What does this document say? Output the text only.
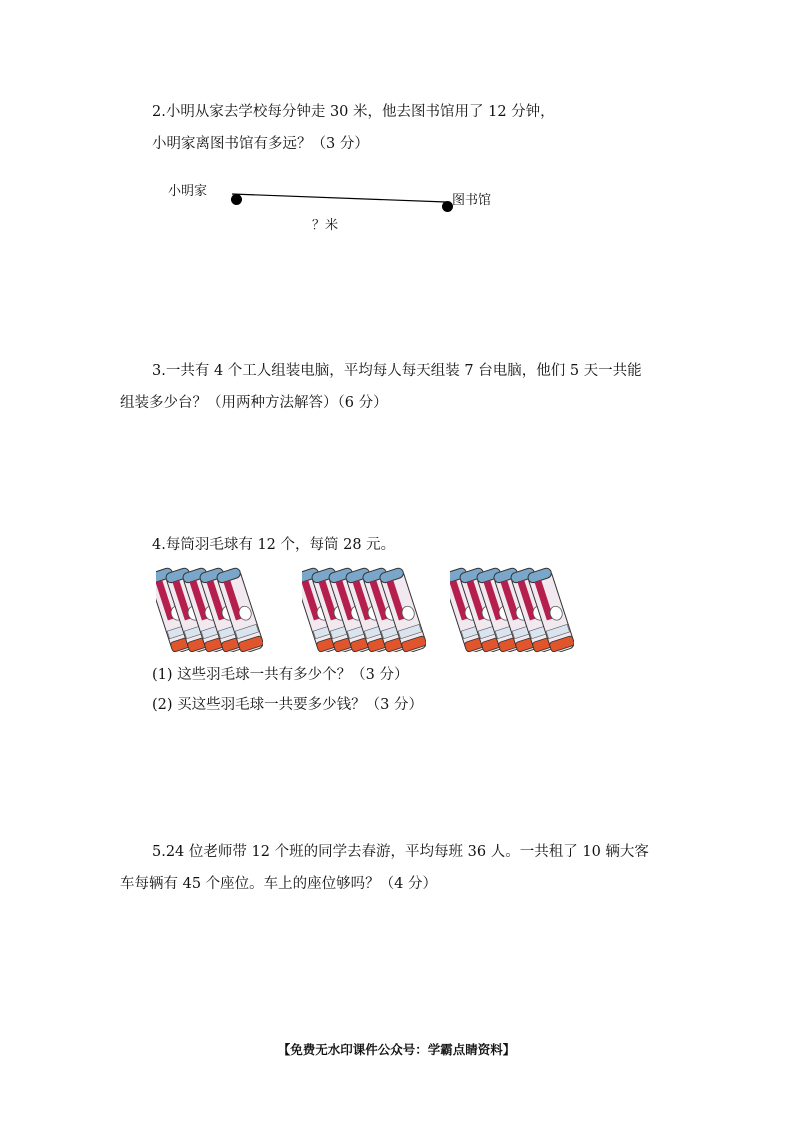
2.小明从家去学校每分钟走 30 米，他去图书馆用了 12 分钟，
小明家离图书馆有多远？（3 分）
小明家
图书馆
？米
3.一共有 4 个工人组装电脑，平均每人每天组装 7 台电脑，他们 5 天一共能
组装多少台？（用两种方法解答）（6 分）
4.每筒羽毛球有 12 个，每筒 28 元。
(1) 这些羽毛球一共有多少个？（3 分）
(2) 买这些羽毛球一共要多少钱？（3 分）
5.24 位老师带 12 个班的同学去春游，平均每班 36 人。一共租了 10 辆大客
车每辆有 45 个座位。车上的座位够吗？（4 分）
【免费无水印课件公众号：学霸点睛资料】
